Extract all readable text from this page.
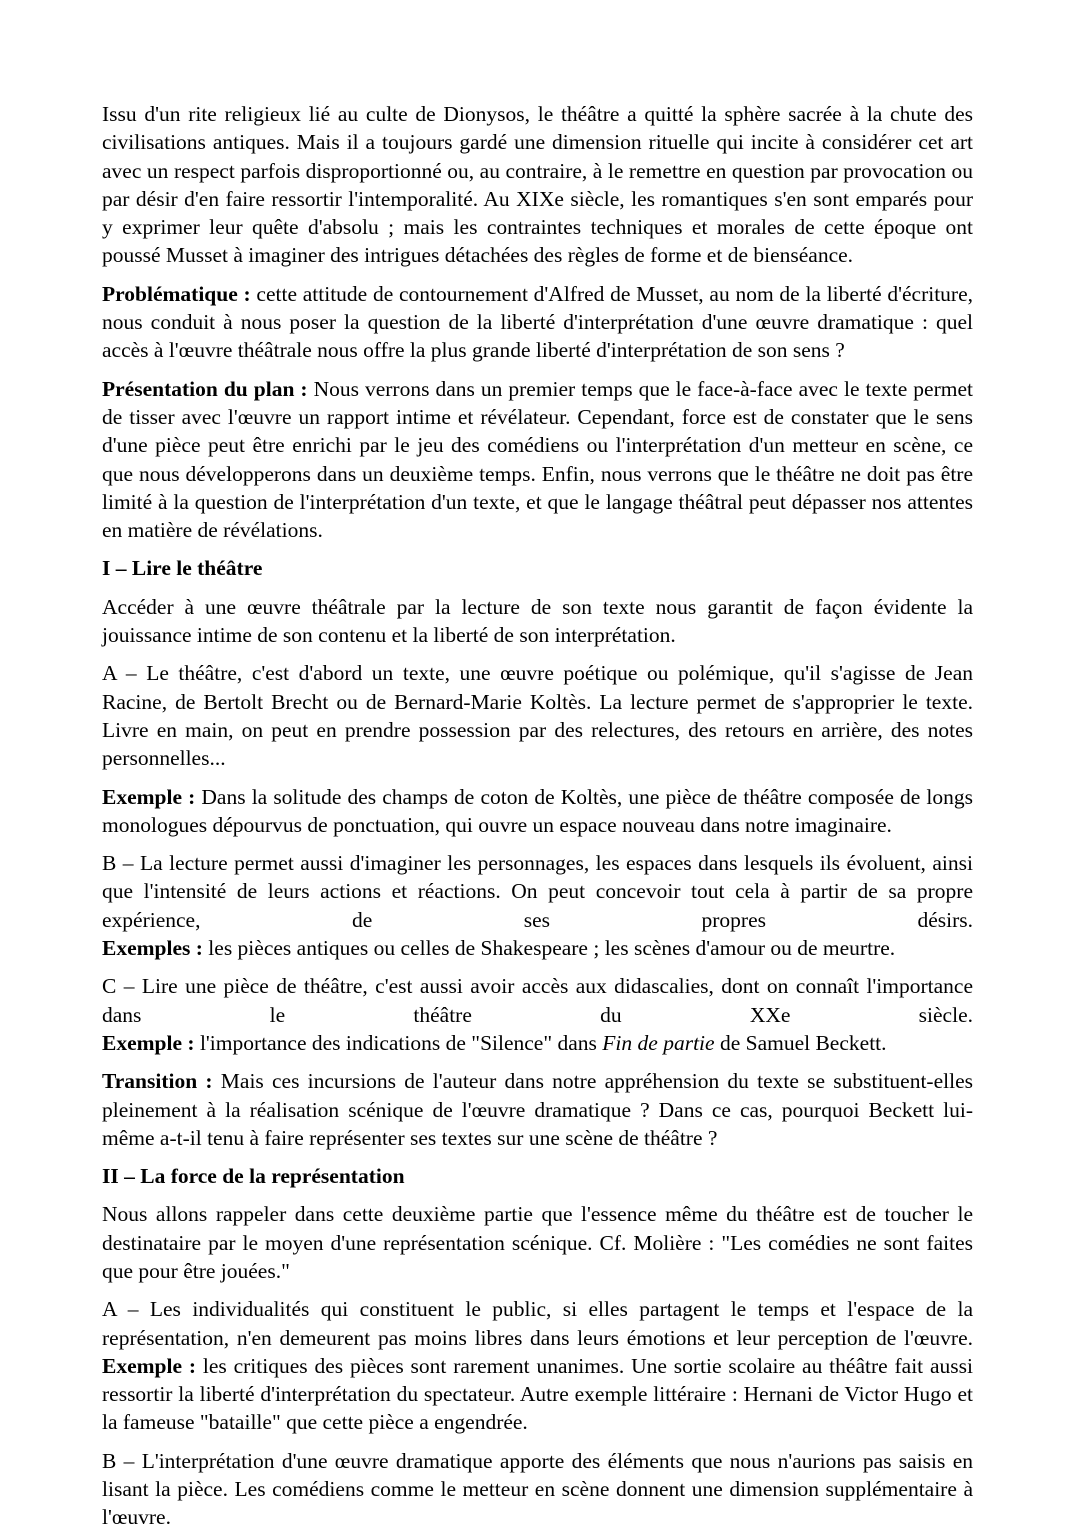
Issu d'un rite religieux lié au culte de Dionysos, le théâtre a quitté la sphère sacrée à la chute des civilisations antiques. Mais il a toujours gardé une dimension rituelle qui incite à considérer cet art avec un respect parfois disproportionné ou, au contraire, à le remettre en question par provocation ou par désir d'en faire ressortir l'intemporalité. Au XIXe siècle, les romantiques s'en sont emparés pour y exprimer leur quête d'absolu ; mais les contraintes techniques et morales de cette époque ont poussé Musset à imaginer des intrigues détachées des règles de forme et de bienséance.

Problématique : cette attitude de contournement d'Alfred de Musset, au nom de la liberté d'écriture, nous conduit à nous poser la question de la liberté d'interprétation d'une œuvre dramatique : quel accès à l'œuvre théâtrale nous offre la plus grande liberté d'interprétation de son sens ?

Présentation du plan : Nous verrons dans un premier temps que le face-à-face avec le texte permet de tisser avec l'œuvre un rapport intime et révélateur. Cependant, force est de constater que le sens d'une pièce peut être enrichi par le jeu des comédiens ou l'interprétation d'un metteur en scène, ce que nous développerons dans un deuxième temps. Enfin, nous verrons que le théâtre ne doit pas être limité à la question de l'interprétation d'un texte, et que le langage théâtral peut dépasser nos attentes en matière de révélations.

I – Lire le théâtre

Accéder à une œuvre théâtrale par la lecture de son texte nous garantit de façon évidente la jouissance intime de son contenu et la liberté de son interprétation.

A – Le théâtre, c'est d'abord un texte, une œuvre poétique ou polémique, qu'il s'agisse de Jean Racine, de Bertolt Brecht ou de Bernard-Marie Koltès. La lecture permet de s'approprier le texte. Livre en main, on peut en prendre possession par des relectures, des retours en arrière, des notes personnelles...

Exemple : Dans la solitude des champs de coton de Koltès, une pièce de théâtre composée de longs monologues dépourvus de ponctuation, qui ouvre un espace nouveau dans notre imaginaire.

B – La lecture permet aussi d'imaginer les personnages, les espaces dans lesquels ils évoluent, ainsi que l'intensité de leurs actions et réactions. On peut concevoir tout cela à partir de sa propre expérience, de ses propres désirs.
Exemples : les pièces antiques ou celles de Shakespeare ; les scènes d'amour ou de meurtre.

C – Lire une pièce de théâtre, c'est aussi avoir accès aux didascalies, dont on connaît l'importance dans le théâtre du XXe siècle.
Exemple : l'importance des indications de "Silence" dans Fin de partie de Samuel Beckett.

Transition : Mais ces incursions de l'auteur dans notre appréhension du texte se substituent-elles pleinement à la réalisation scénique de l'œuvre dramatique ? Dans ce cas, pourquoi Beckett lui-même a-t-il tenu à faire représenter ses textes sur une scène de théâtre ?

II – La force de la représentation

Nous allons rappeler dans cette deuxième partie que l'essence même du théâtre est de toucher le destinataire par le moyen d'une représentation scénique. Cf. Molière : "Les comédies ne sont faites que pour être jouées."

A – Les individualités qui constituent le public, si elles partagent le temps et l'espace de la représentation, n'en demeurent pas moins libres dans leurs émotions et leur perception de l'œuvre.
Exemple : les critiques des pièces sont rarement unanimes. Une sortie scolaire au théâtre fait aussi ressortir la liberté d'interprétation du spectateur. Autre exemple littéraire : Hernani de Victor Hugo et la fameuse "bataille" que cette pièce a engendrée.

B – L'interprétation d'une œuvre dramatique apporte des éléments que nous n'aurions pas saisis en lisant la pièce. Les comédiens comme le metteur en scène donnent une dimension supplémentaire à l'œuvre.
